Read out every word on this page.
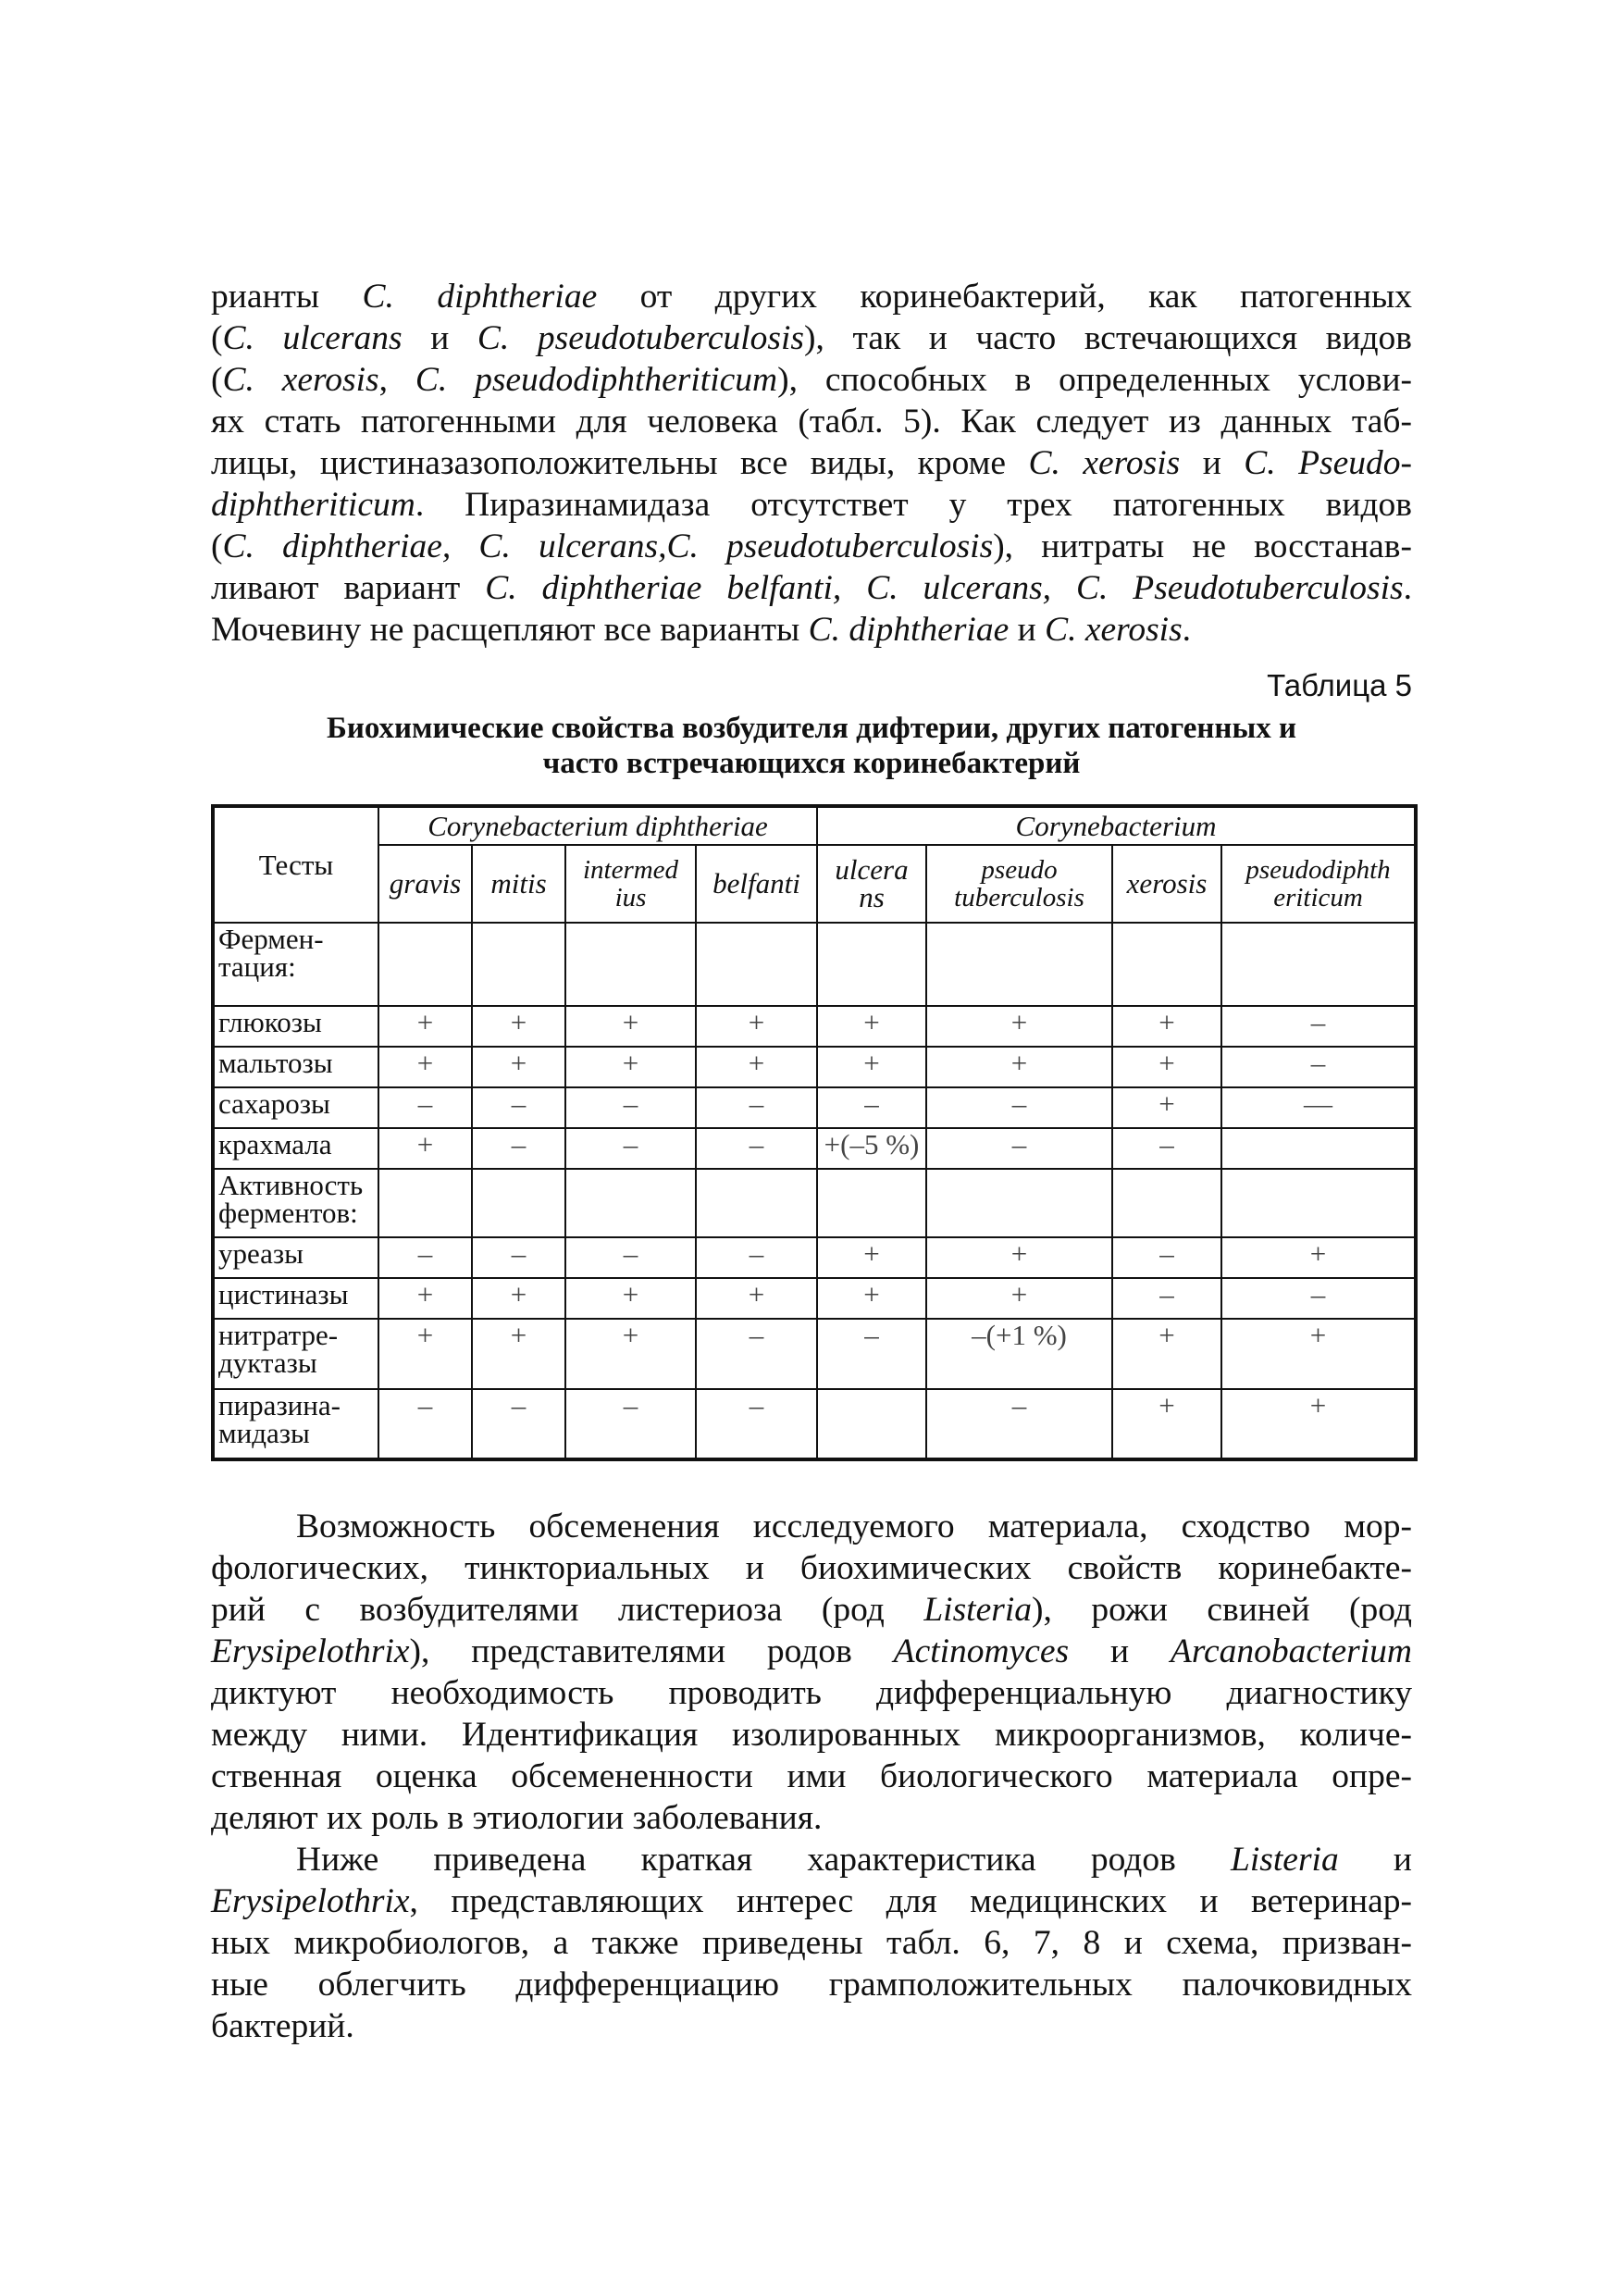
рианты C. diphtheriae от других коринебактерий, как патогенных
(C. ulcerans и C. pseudotuberculosis), так и часто встечающихся видов
(C. xerosis, C. pseudodiphtheriticum), способных в определенных услови-
ях стать патогенными для человека (табл. 5). Как следует из данных таб-
лицы, цистиназазоположительны все виды, кроме C. xerosis и C. Pseudo-
diphtheriticum. Пиразинамидаза отсутствет у трех патогенных видов
(C. diphtheriae, C. ulcerans,C. pseudotuberculosis), нитраты не восстанав-
ливают вариант C. diphtheriae belfanti, C. ulcerans, C. Pseudotuberculosis.
Мочевину не расщепляют все варианты C. diphtheriae и C. xerosis.
Таблица 5
Биохимические свойства возбудителя дифтерии, других патогенных и
часто встречающихся коринебактерий
Тесты	Corynebacterium diphtheriae				Corynebacterium			
	gravis	mitis	intermed ius	belfanti	ulcera ns	pseudo tuberculosis	xerosis	pseudodiphth eriticum
Фермен-тация:								
глюкозы	+	+	+	+	+	+	+	–
мальтозы	+	+	+	+	+	+	+	–
сахарозы	–	–	–	–	–	–	+	—
крахмала	+	–	–	–	+(–5 %)	–	–	
Активность ферментов:								
уреазы	–	–	–	–	+	+	–	+
цистиназы	+	+	+	+	+	+	–	–
нитратре-дуктазы	+	+	+	–	–	–(+1 %)	+	+
пиразина-мидазы	–	–	–	–		–	+	+
Возможность обсеменения исследуемого материала, сходство мор-
фологических, тинкториальных и биохимических свойств коринебакте-
рий с возбудителями листериоза (род Listeria), рожи свиней (род
Erysipelothrix), представителями родов Actinomyces и Arcanobacterium
диктуют необходимость проводить дифференциальную диагностику
между ними. Идентификация изолированных микроорганизмов, количе-
ственная оценка обсемененности ими биологического материала опре-
деляют их роль в этиологии заболевания.
Ниже приведена краткая характеристика родов Listeria и
Erysipelothrix, представляющих интерес для медицинских и ветеринар-
ных микробиологов, а также приведены табл. 6, 7, 8 и схема, призван-
ные облегчить дифференциацию грамположительных палочковидных
бактерий.
